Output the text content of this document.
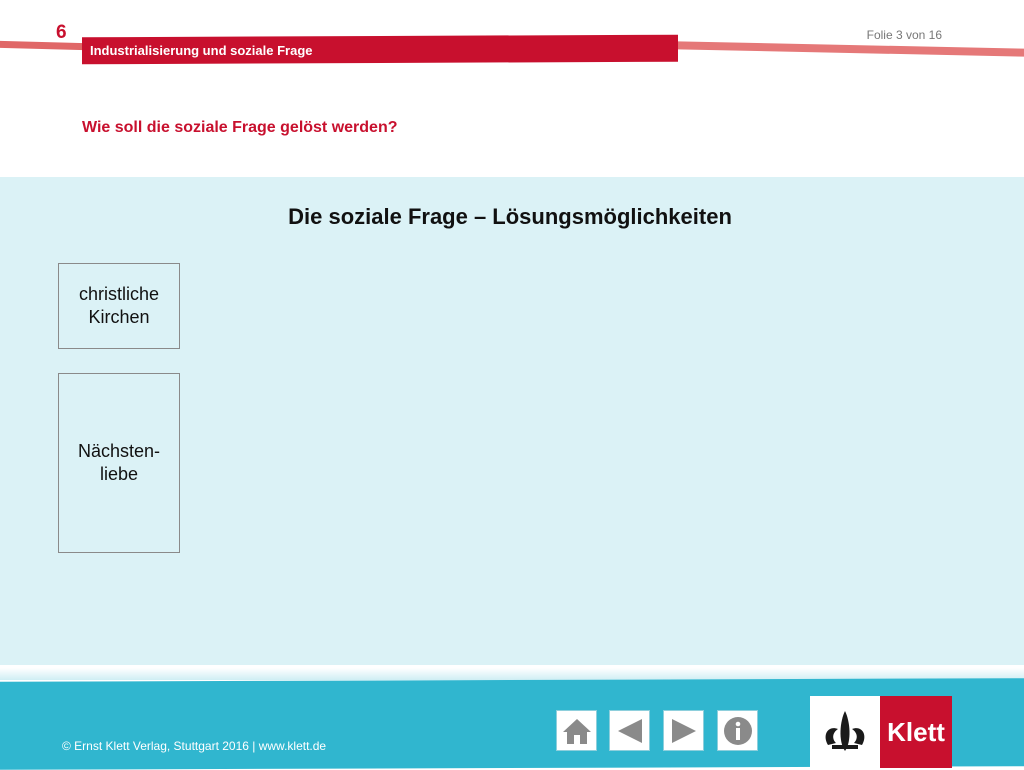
6
Industrialisierung und soziale Frage
Folie 3 von 16
Wie soll die soziale Frage gelöst werden?
Die soziale Frage – Lösungsmöglichkeiten
christliche
Kirchen
Nächsten-
liebe
© Ernst Klett Verlag, Stuttgart 2016 | www.klett.de	Klett
